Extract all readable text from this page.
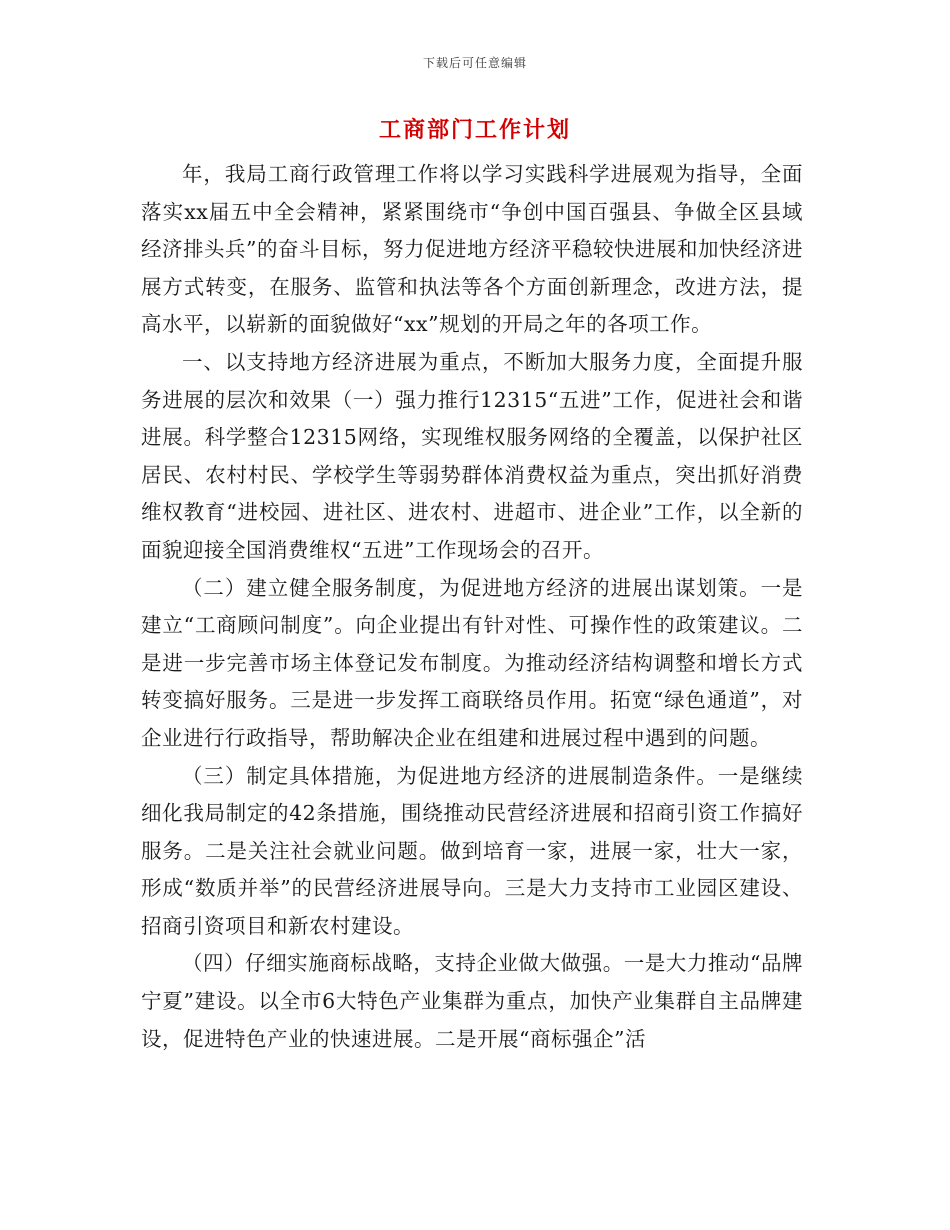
下载后可任意编辑
工商部门工作计划

年，我局工商行政管理工作将以学习实践科学进展观为指导，全面落实xx届五中全会精神，紧紧围绕市“争创中国百强县、争做全区县域经济排头兵”的奋斗目标，努力促进地方经济平稳较快进展和加快经济进展方式转变，在服务、监管和执法等各个方面创新理念，改进方法，提高水平，以崭新的面貌做好“xx”规划的开局之年的各项工作。

一、以支持地方经济进展为重点，不断加大服务力度，全面提升服务进展的层次和效果（一）强力推行12315“五进”工作，促进社会和谐进展。科学整合12315网络，实现维权服务网络的全覆盖，以保护社区居民、农村村民、学校学生等弱势群体消费权益为重点，突出抓好消费维权教育“进校园、进社区、进农村、进超市、进企业”工作，以全新的面貌迎接全国消费维权“五进”工作现场会的召开。

（二）建立健全服务制度，为促进地方经济的进展出谋划策。一是建立“工商顾问制度”。向企业提出有针对性、可操作性的政策建议。二是进一步完善市场主体登记发布制度。为推动经济结构调整和增长方式转变搞好服务。三是进一步发挥工商联络员作用。拓宽“绿色通道”，对企业进行行政指导，帮助解决企业在组建和进展过程中遇到的问题。

（三）制定具体措施，为促进地方经济的进展制造条件。一是继续细化我局制定的42条措施，围绕推动民营经济进展和招商引资工作搞好服务。二是关注社会就业问题。做到培育一家，进展一家，壮大一家，形成“数质并举”的民营经济进展导向。三是大力支持市工业园区建设、招商引资项目和新农村建设。

（四）仔细实施商标战略，支持企业做大做强。一是大力推动“品牌宁夏”建设。以全市6大特色产业集群为重点，加快产业集群自主品牌建设，促进特色产业的快速进展。二是开展“商标强企”活
